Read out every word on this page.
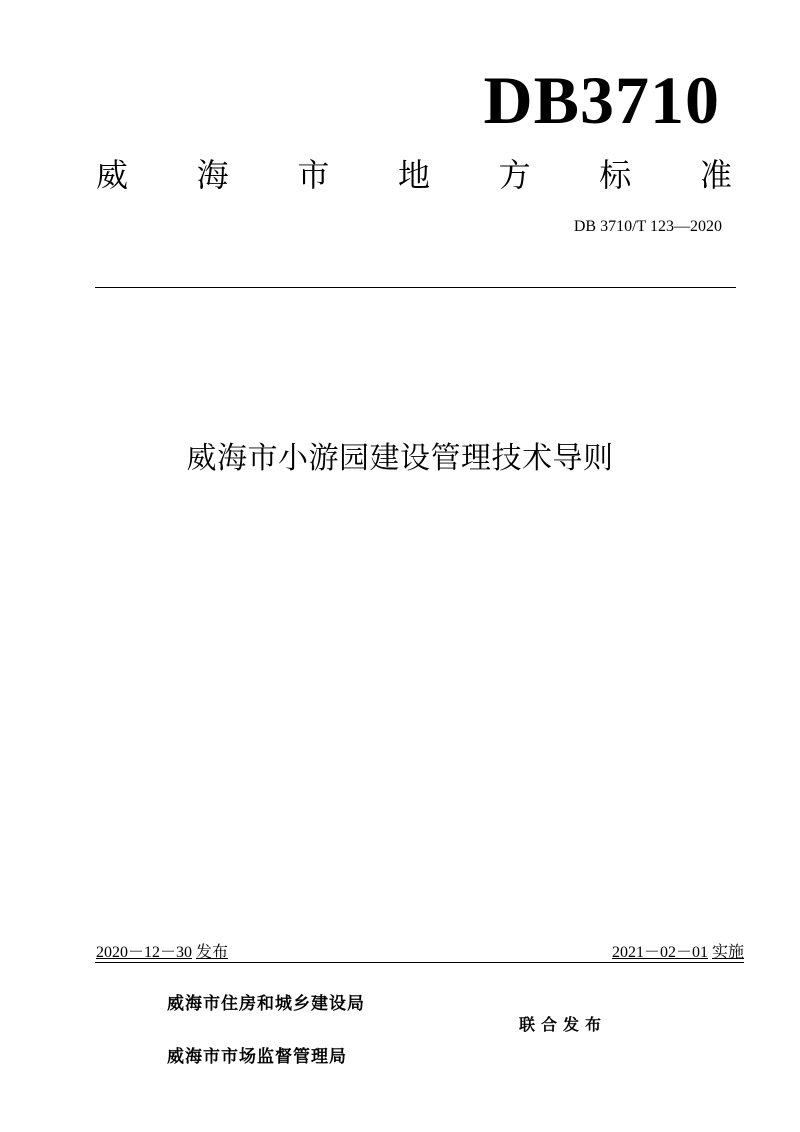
DB3710
威 海 市 地 方 标 准
DB 3710/T 123—2020
威海市小游园建设管理技术导则
2020－12－30 发布	2021－02－01 实施
威海市住房和城乡建设局
威海市市场监督管理局
联合发布
